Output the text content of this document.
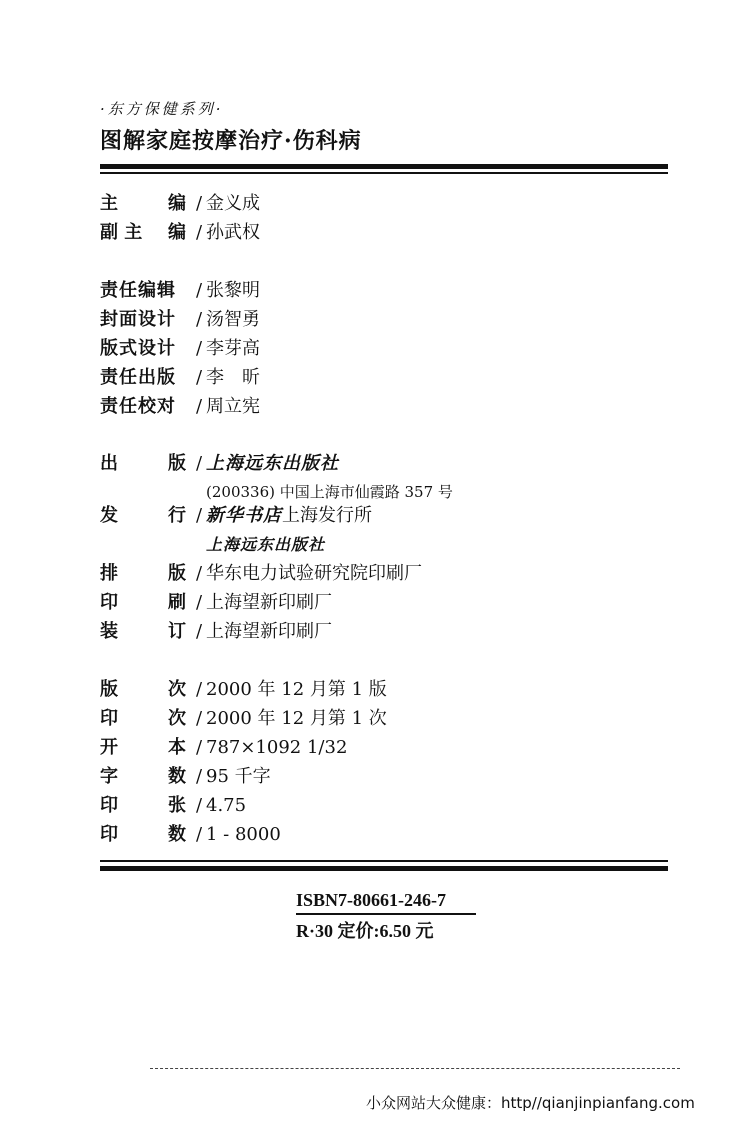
·东方保健系列·
图解家庭按摩治疗·伤科病
主	编 / 金义成
副 主 编 / 孙武权
责任编辑 / 张黎明
封面设计 / 汤智勇
版式设计 / 李芽高
责任出版 / 李　昕
责任校对 / 周立宪
出	版 / 上海远东出版社
(200336) 中国上海市仙霞路 357 号
发	行 / 新华书店上海发行所
上海远东出版社
排	版 / 华东电力试验研究院印刷厂
印	刷 / 上海望新印刷厂
装	订 / 上海望新印刷厂
版	次 / 2000 年 12 月第 1 版
印	次 / 2000 年 12 月第 1 次
开	本 / 787×1092 1/32
字	数 / 95 千字
印	张 / 4.75
印	数 / 1 - 8000
ISBN7-80661-246-7
R·30 定价:6.50 元
小众网站大众健康：http//qianjinpianfang.com
